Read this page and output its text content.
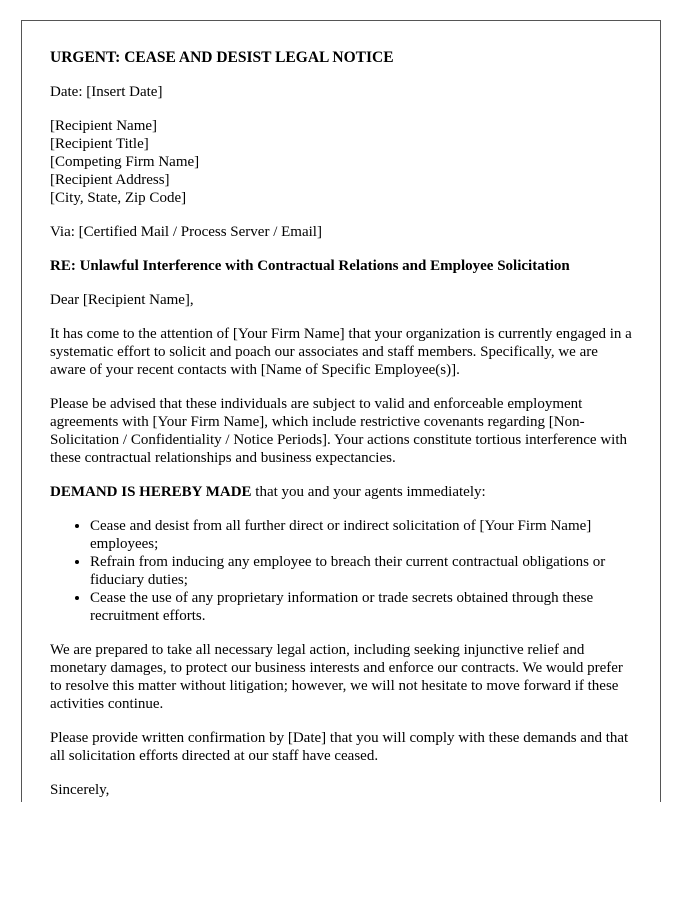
URGENT: CEASE AND DESIST LEGAL NOTICE

Date: [Insert Date]

[Recipient Name]
[Recipient Title]
[Competing Firm Name]
[Recipient Address]
[City, State, Zip Code]

Via: [Certified Mail / Process Server / Email]

RE: Unlawful Interference with Contractual Relations and Employee Solicitation

Dear [Recipient Name],

It has come to the attention of [Your Firm Name] that your organization is currently engaged in a systematic effort to solicit and poach our associates and staff members. Specifically, we are aware of your recent contacts with [Name of Specific Employee(s)].

Please be advised that these individuals are subject to valid and enforceable employment agreements with [Your Firm Name], which include restrictive covenants regarding [Non-Solicitation / Confidentiality / Notice Periods]. Your actions constitute tortious interference with these contractual relationships and business expectancies.

DEMAND IS HEREBY MADE that you and your agents immediately:

• Cease and desist from all further direct or indirect solicitation of [Your Firm Name] employees;
• Refrain from inducing any employee to breach their current contractual obligations or fiduciary duties;
• Cease the use of any proprietary information or trade secrets obtained through these recruitment efforts.

We are prepared to take all necessary legal action, including seeking injunctive relief and monetary damages, to protect our business interests and enforce our contracts. We would prefer to resolve this matter without litigation; however, we will not hesitate to move forward if these activities continue.

Please provide written confirmation by [Date] that you will comply with these demands and that all solicitation efforts directed at our staff have ceased.

Sincerely,
